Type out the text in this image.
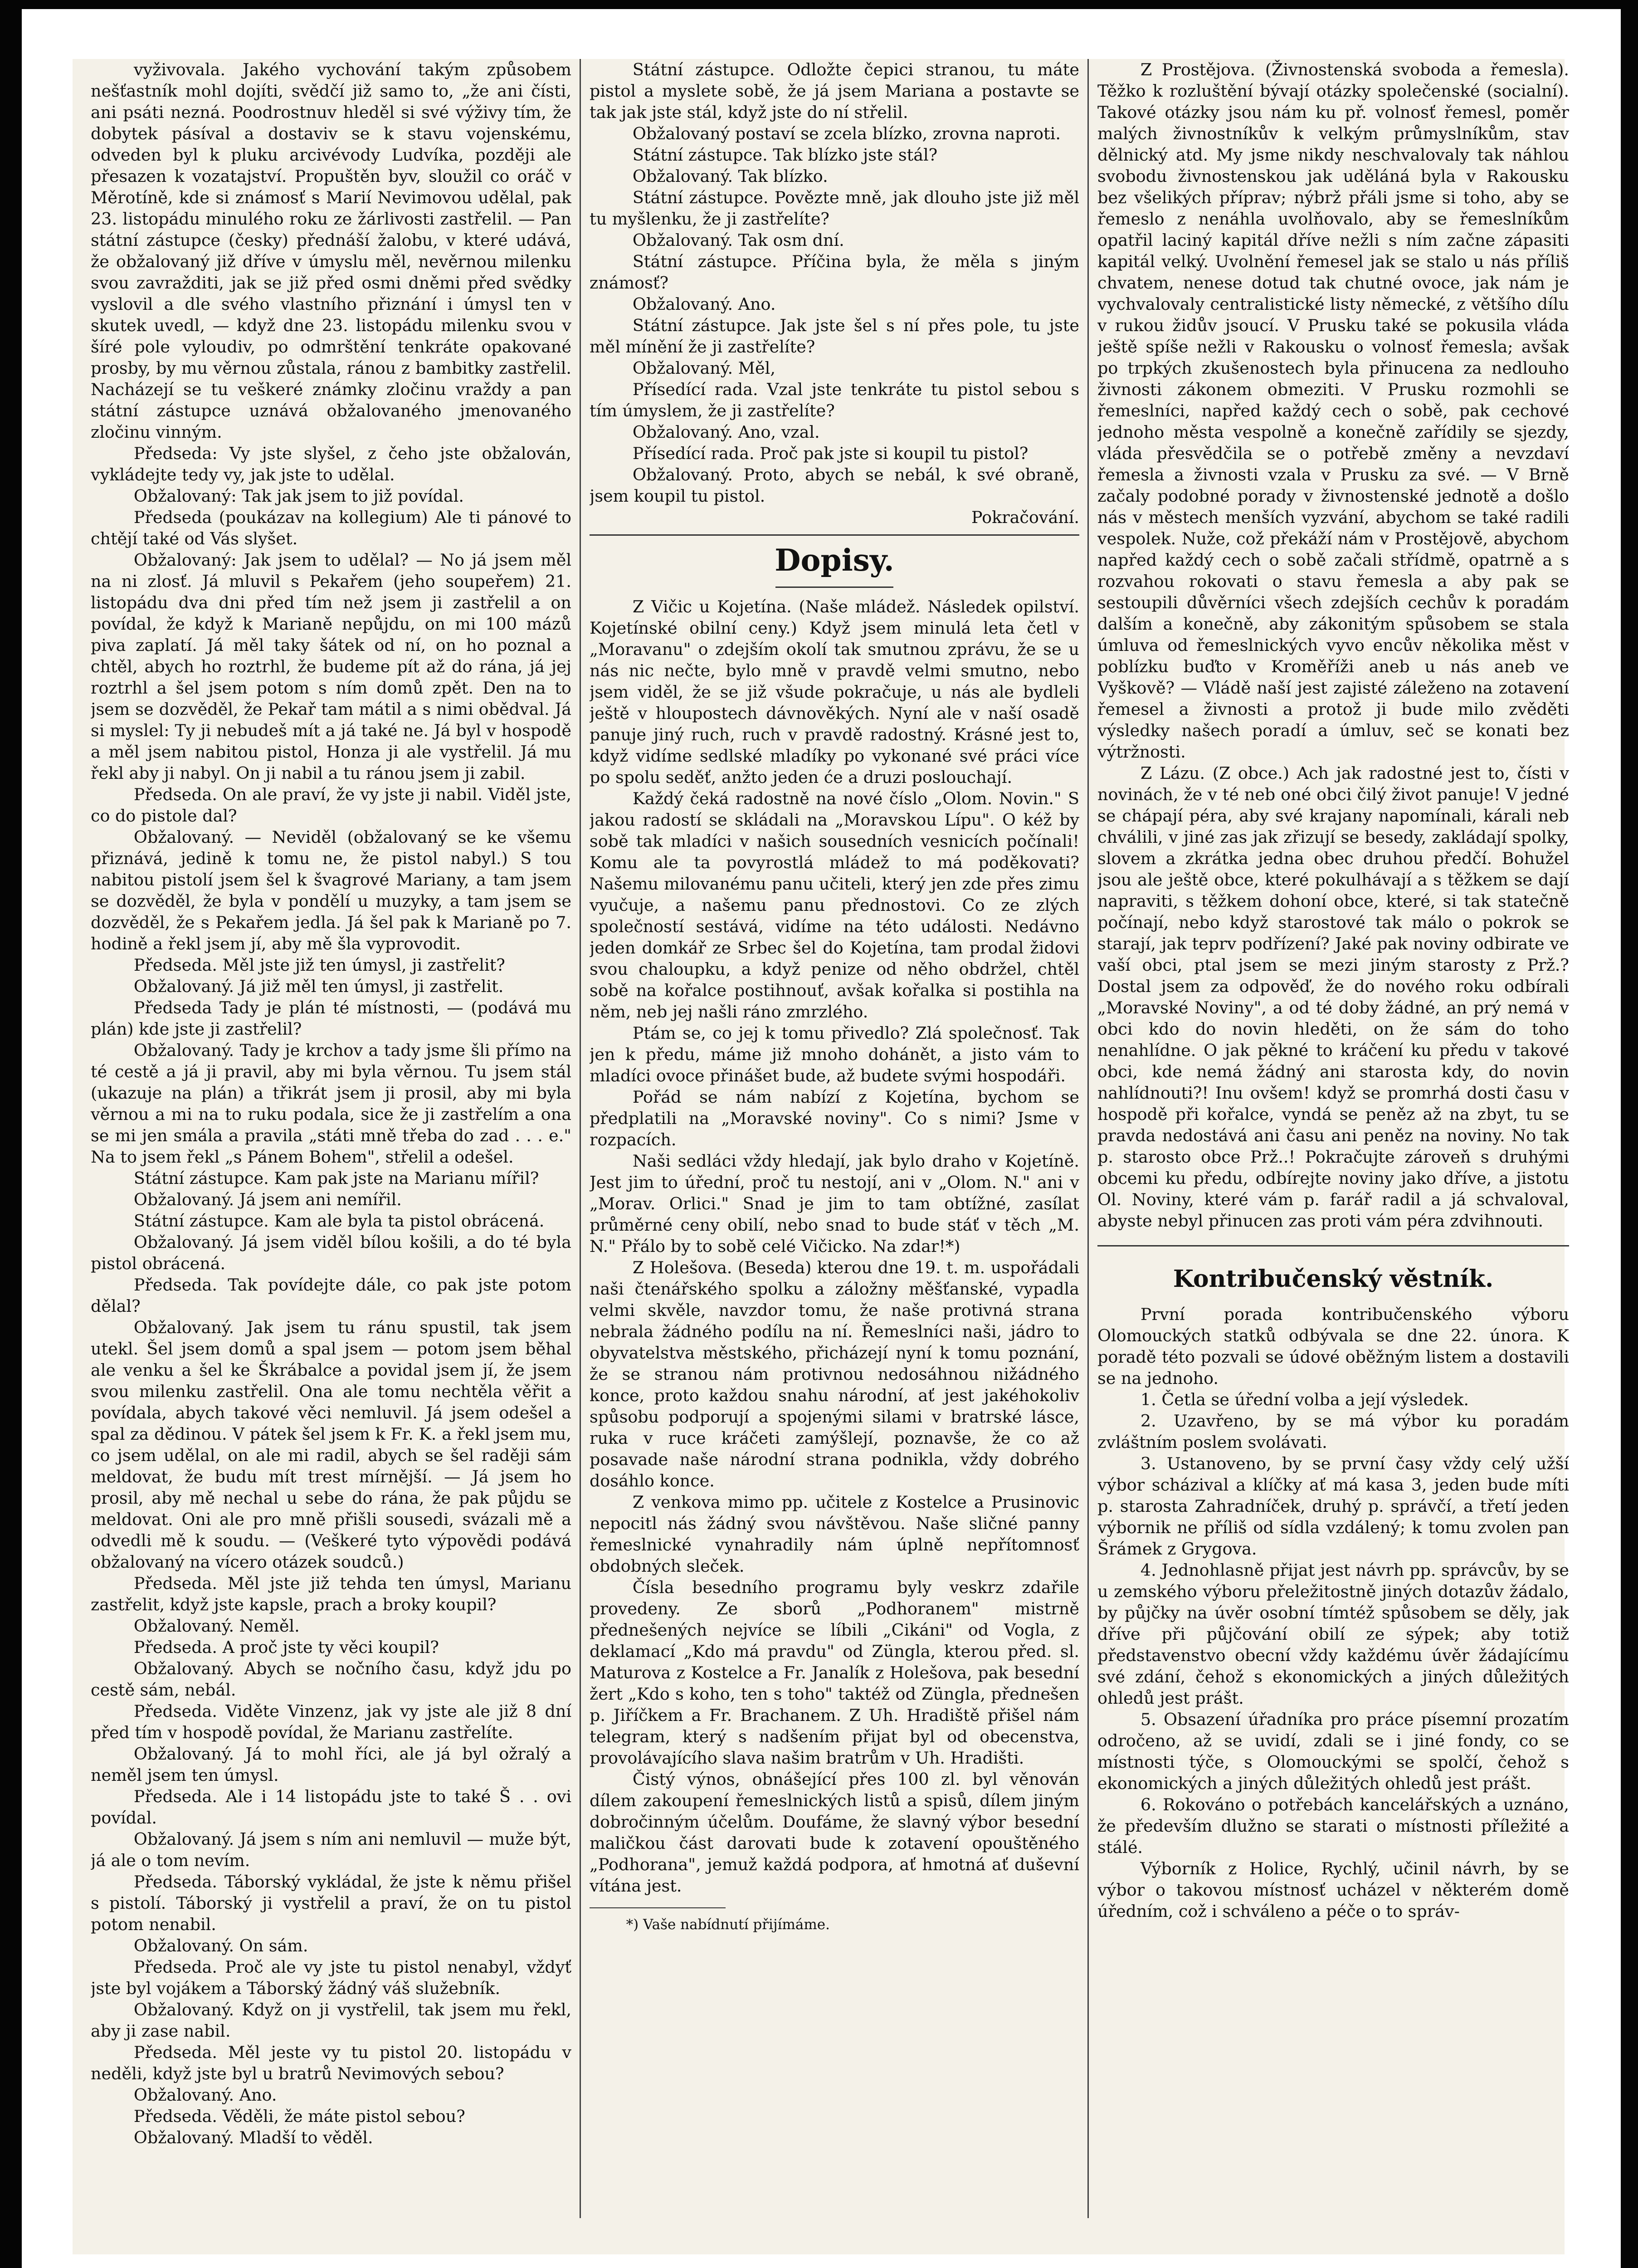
vyživovala. Jakého vychování takým způsobem nešťastník mohl dojíti, svědčí již samo to, „že ani čísti, ani psáti nezná. Poodrostnuv hleděl si své výživy tím, že dobytek pásíval a dostaviv se k stavu vojenskému, odveden byl k pluku arcivévody Ludvíka, později ale přesazen k vozatajství. Propuštěn byv, sloužil co oráč v Měrotíně, kde si známosť s Marií Nevimovou udělal, pak 23. listopádu minulého roku ze žárlivosti zastřelil. — Pan státní zástupce (česky) přednáší žalobu, v které udává, že obžalovaný již dříve v úmyslu měl, nevěrnou milenku svou zavražditi, jak se již před osmi dněmi před svědky vyslovil a dle svého vlastního přiznání i úmysl ten v skutek uvedl, — když dne 23. listopádu milenku svou v šíré pole vyloudiv, po odmrštění tenkráte opakované prosby, by mu věrnou zůstala, ránou z bambitky zastřelil. Nacházejí se tu veškeré známky zločinu vraždy a pan státní zástupce uznává obžalovaného jmenovaného zločinu vinným.

Předseda: Vy jste slyšel, z čeho jste obžalován, vykládejte tedy vy, jak jste to udělal.

Obžalovaný: Tak jak jsem to již povídal.

Předseda (poukázav na kollegium) Ale ti pánové to chtějí také od Vás slyšet.

Obžalovaný: Jak jsem to udělal? — No já jsem měl na ni zlosť. Já mluvil s Pekařem (jeho soupeřem) 21. listopádu dva dni před tím než jsem ji zastřelil a on povídal, že když k Marianě nepůjdu, on mi 100 mázů piva zaplatí. Já měl taky šátek od ní, on ho poznal a chtěl, abych ho roztrhl, že budeme pít až do rána, já jej roztrhl a šel jsem potom s ním domů zpět. Den na to jsem se dozvěděl, že Pekař tam mátil a s nimi obědval. Já si myslel: Ty ji nebudeš mít a já také ne. Já byl v hospodě a měl jsem nabitou pistol, Honza ji ale vystřelil. Já mu řekl aby ji nabyl. On ji nabil a tu ránou jsem ji zabil.

Předseda. On ale praví, že vy jste ji nabil. Viděl jste, co do pistole dal?

Obžalovaný. — Neviděl (obžalovaný se ke všemu přiznává, jedině k tomu ne, že pistol nabyl.) S tou nabitou pistolí jsem šel k švagrové Mariany, a tam jsem se dozvěděl, že byla v pondělí u muzyky, a tam jsem se dozvěděl, že s Pekařem jedla. Já šel pak k Marianě po 7. hodině a řekl jsem jí, aby mě šla vyprovodit.

Předseda. Měl jste již ten úmysl, ji zastřelit?

Obžalovaný. Já již měl ten úmysl, ji zastřelit.

Předseda Tady je plán té místnosti, — (podává mu plán) kde jste ji zastřelil?

Obžalovaný. Tady je krchov a tady jsme šli přímo na té cestě a já ji pravil, aby mi byla věrnou. Tu jsem stál (ukazuje na plán) a třikrát jsem ji prosil, aby mi byla věrnou a mi na to ruku podala, sice že ji zastřelím a ona se mi jen smála a pravila „státi mně třeba do zad . . . e." Na to jsem řekl „s Pánem Bohem", střelil a odešel.

Státní zástupce. Kam pak jste na Marianu mířil?

Obžalovaný. Já jsem ani nemířil.

Státní zástupce. Kam ale byla ta pistol obrácená.

Obžalovaný. Já jsem viděl bílou košili, a do té byla pistol obrácená.

Předseda. Tak povídejte dále, co pak jste potom dělal?

Obžalovaný. Jak jsem tu ránu spustil, tak jsem utekl. Šel jsem domů a spal jsem — potom jsem běhal ale venku a šel ke Škrábalce a povidal jsem jí, že jsem svou milenku zastřelil. Ona ale tomu nechtěla věřit a povídala, abych takové věci nemluvil. Já jsem odešel a spal za dědinou. V pátek šel jsem k Fr. K. a řekl jsem mu, co jsem udělal, on ale mi radil, abych se šel raději sám meldovat, že budu mít trest mírnější. — Já jsem ho prosil, aby mě nechal u sebe do rána, že pak půjdu se meldovat. Oni ale pro mně přišli sousedi, svázali mě a odvedli mě k soudu. — (Veškeré tyto výpovědi podává obžalovaný na vícero otázek soudců.)

Předseda. Měl jste již tehda ten úmysl, Marianu zastřelit, když jste kapsle, prach a broky koupil?

Obžalovaný. Neměl.

Předseda. A proč jste ty věci koupil?

Obžalovaný. Abych se nočního času, když jdu po cestě sám, nebál.

Předseda. Viděte Vinzenz, jak vy jste ale již 8 dní před tím v hospodě povídal, že Marianu zastřelíte.

Obžalovaný. Já to mohl říci, ale já byl ožralý a neměl jsem ten úmysl.

Předseda. Ale i 14 listopádu jste to také Š . . ovi povídal.

Obžalovaný. Já jsem s ním ani nemluvil — muže být, já ale o tom nevím.

Předseda. Táborský vykládal, že jste k němu přišel s pistolí. Táborský ji vystřelil a praví, že on tu pistol potom nenabil.

Obžalovaný. On sám.

Předseda. Proč ale vy jste tu pistol nenabyl, vždyť jste byl vojákem a Táborský žádný váš služebník.

Obžalovaný. Když on ji vystřelil, tak jsem mu řekl, aby ji zase nabil.

Předseda. Měl jeste vy tu pistol 20. listopádu v neděli, když jste byl u bratrů Nevimových sebou?

Obžalovaný. Ano.

Předseda. Věděli, že máte pistol sebou?

Obžalovaný. Mladší to věděl.

Státní zástupce. Odložte čepici stranou, tu máte pistol a myslete sobě, že já jsem Mariana a postavte se tak jak jste stál, když jste do ní střelil.

Obžalovaný postaví se zcela blízko, zrovna naproti.

Státní zástupce. Tak blízko jste stál?

Obžalovaný. Tak blízko.

Státní zástupce. Povězte mně, jak dlouho jste již měl tu myšlenku, že ji zastřelíte?

Obžalovaný. Tak osm dní.

Státní zástupce. Příčina byla, že měla s jiným známosť?

Obžalovaný. Ano.

Státní zástupce. Jak jste šel s ní přes pole, tu jste měl mínění že ji zastřelíte?

Obžalovaný. Měl,

Přísedící rada. Vzal jste tenkráte tu pistol sebou s tím úmyslem, že ji zastřelíte?

Obžalovaný. Ano, vzal.

Přísedící rada. Proč pak jste si koupil tu pistol?

Obžalovaný. Proto, abych se nebál, k své obraně, jsem koupil tu pistol.

Pokračování.

Dopisy.

Z Vičic u Kojetína. (Naše mládež. Následek opilství. Kojetínské obilní ceny.) Když jsem minulá leta četl v „Moravanu" o zdejším okolí tak smutnou zprávu, že se u nás nic nečte, bylo mně v pravdě velmi smutno, nebo jsem viděl, že se již všude pokračuje, u nás ale bydleli ještě v hloupostech dávnověkých. Nyní ale v naší osadě panuje jiný ruch, ruch v pravdě radostný. Krásné jest to, když vidíme sedlské mladíky po vykonané své práci více po spolu seděť, anžto jeden će a druzi poslouchají.

Každý čeká radostně na nové číslo „Olom. Novin." S jakou radostí se skládali na „Moravskou Lípu". O kéž by sobě tak mladíci v našich sousedních vesnicích počínali! Komu ale ta povyrostlá mládež to má poděkovati? Našemu milovanému panu učiteli, který jen zde přes zimu vyučuje, a našemu panu přednostovi. Co ze zlých společností sestává, vidíme na této události. Nedávno jeden domkář ze Srbec šel do Kojetína, tam prodal židovi svou chaloupku, a když penize od něho obdržel, chtěl sobě na kořalce postihnouť, avšak kořalka si postihla na něm, neb jej našli ráno zmrzlého.

Ptám se, co jej k tomu přivedlo? Zlá společnosť. Tak jen k předu, máme již mnoho dohánět, a jisto vám to mladíci ovoce přinášet bude, až budete svými hospodáři.

Pořád se nám nabízí z Kojetína, bychom se předplatili na „Moravské noviny". Co s nimi? Jsme v rozpacích.

Naši sedláci vždy hledají, jak bylo draho v Kojetíně. Jest jim to úřední, proč tu nestojí, ani v „Olom. N." ani v „Morav. Orlici." Snad je jim to tam obtížné, zasílat průměrné ceny obilí, nebo snad to bude stáť v těch „M. N." Přálo by to sobě celé Vičicko. Na zdar!*)

Z Holešova. (Beseda) kterou dne 19. t. m. uspořádali naši čtenářského spolku a záložny měšťanské, vypadla velmi skvěle, navzdor tomu, že naše protivná strana nebrala žádného podílu na ní. Řemeslníci naši, jádro to obyvatelstva městského, přicházejí nyní k tomu poznání, že se stranou nám protivnou nedosáhnou nižádného konce, proto každou snahu národní, ať jest jakéhokoliv spůsobu podporují a spojenými silami v bratrské lásce, ruka v ruce kráčeti zamýšlejí, poznavše, že co až posavade naše národní strana podnikla, vždy dobrého dosáhlo konce.

Z venkova mimo pp. učitele z Kostelce a Prusinovic nepocitl nás žádný svou návštěvou. Naše sličné panny řemeslnické vynahradily nám úplně nepřítomnosť obdobných sleček.

Čísla besedního programu byly veskrz zdařile provedeny. Ze sborů „Podhoranem" mistrně přednešených nejvíce se líbili „Cikáni" od Vogla, z deklamací „Kdo má pravdu" od Zünglа, kterou před. sl. Maturova z Kostelce a Fr. Janalík z Holešova, pak besední žert „Kdo s koho, ten s toho" taktéž od Zünglа, přednešen p. Jiříčkem a Fr. Brachanem. Z Uh. Hradiště přišel nám telegram, který s nadšením přijat byl od obecenstva, provolávajícího slava našim bratrům v Uh. Hradišti.

Čistý výnos, obnášející přes 100 zl. byl věnován dílem zakoupení řemeslnických listů a spisů, dílem jiným dobročinným účelům. Doufáme, že slavný výbor besední maličkou část darovati bude k zotavení opouštěného „Podhorana", jemuž každá podpora, ať hmotná ať duševní vítána jest.

*) Vaše nabídnutí přijímáme.

Z Prostějova. (Živnostenská svoboda a řemesla). Těžko k rozluštění bývají otázky společenské (socialní). Takové otázky jsou nám ku př. volnosť řemesl, poměr malých živnostníkův k velkým průmyslníkům, stav dělnický atd. My jsme nikdy neschvalovaly tak náhlou svobodu živnostenskou jak uděláná byla v Rakousku bez všelikých příprav; nýbrž přáli jsme si toho, aby se řemeslo z nenáhla uvolňovalo, aby se řemeslníkům opatřil laciný kapitál dříve nežli s ním začne zápasiti kapitál velký. Uvolnění řemesel jak se stalo u nás příliš chvatem, nenese dotud tak chutné ovoce, jak nám je vychvalovaly centralistické listy německé, z většího dílu v rukou židův jsoucí. V Prusku také se pokusila vláda ještě spíše nežli v Rakousku o volnosť řemesla; avšak po trpkých zkušenostech byla přinucena za nedlouho živnosti zákonem obmeziti. V Prusku rozmohli se řemeslníci, napřed každý cech o sobě, pak cechové jednoho města vespolně a konečně zařídily se sjezdy, vláda přesvědčila se o potřebě změny a nevzdaví řemesla a živnosti vzala v Prusku za své. — V Brně začaly podobné porady v živnostenské jednotě a došlo nás v městech menších vyzvání, abychom se také radili vespolek. Nuže, což překáží nám v Prostějově, abychom napřed každý cech o sobě začali střídmě, opatrně a s rozvahou rokovati o stavu řemesla a aby pak se sestoupili důvěrníci všech zdejších cechův k poradám dalším a konečně, aby zákonitým spůsobem se stala úmluva od řemeslnických vyvo encův několika měst v poblízku buďto v Kroměříži aneb u nás aneb ve Vyškově? — Vládě naší jest zajisté záleženo na zotavení řemesel a živnosti a protož ji bude milo zvěděti výsledky našech poradí a úmluv, seč se konati bez výtržnosti.

Z Lázu. (Z obce.) Ach jak radostné jest to, čísti v novinách, že v té neb oné obci čilý život panuje! V jedné se chápají péra, aby své krajany napomínali, kárali neb chválili, v jiné zas jak zřizují se besedy, zakládají spolky, slovem a zkrátka jedna obec druhou předčí. Bohužel jsou ale ještě obce, které pokulhávají a s těžkem se dají napraviti, s těžkem dohoní obce, které, si tak statečně počínají, nebo když starostové tak málo o pokrok se starají, jak teprv podřízení? Jaké pak noviny odbirate ve vaší obci, ptal jsem se mezi jiným starosty z Prž.? Dostal jsem za odpověď, že do nového roku odbírali „Moravské Noviny", a od té doby žádné, an prý nemá v obci kdo do novin hleděti, on že sám do toho nenahlídne. O jak pěkné to kráčení ku předu v takové obci, kde nemá žádný ani starosta kdy, do novin nahlídnouti?! Inu ovšem! když se promrhá dosti času v hospodě při kořalce, vyndá se peněz až na zbyt, tu se pravda nedostává ani času ani peněz na noviny. No tak p. starosto obce Prž..! Pokračujte zároveň s druhými obcemi ku předu, odbírejte noviny jako dříve, a jistotu Ol. Noviny, které vám p. farář radil a já schvaloval, abyste nebyl přinucen zas proti vám péra zdvihnouti.

Kontribučenský věstník.

První porada kontribučenského výboru Olomouckých statků odbývala se dne 22. února. K poradě této pozvali se údové oběžným listem a dostavili se na jednoho.

1. Četla se úřední volba a její výsledek.

2. Uzavřeno, by se má výbor ku poradám zvláštním poslem svolávati.

3. Ustanoveno, by se první časy vždy celý užší výbor scházival a klíčky ať má kasa 3, jeden bude míti p. starosta Zahradníček, druhý p. správčí, a třetí jeden výbornik ne příliš od sídla vzdálený; k tomu zvolen pan Šrámek z Grygova.

4. Jednohlasně přijat jest návrh pp. správcův, by se u zemského výboru přeležitostně jiných dotazův žádalo, by půjčky na úvěr osobní tímtéž spůsobem se děly, jak dříve při půjčování obilí ze sýpek; aby totiž představenstvo obecní vždy každému úvěr žádajícímu své zdání, čehož s ekonomických a jiných důležitých ohledů jest prášt.

5. Obsazení úřadníka pro práce písemní prozatím odročeno, až se uvidí, zdali se i jiné fondy, co se místnosti týče, s Olomouckými se spolčí, čehož s ekonomických a jiných důležitých ohledů jest prášt.

6. Rokováno o potřebách kancelářských a uznáno, že především dlužno se starati o místnosti příležité a stálé.

Výborník z Holice, Rychlý, učinil návrh, by se výbor o takovou místnosť ucházel v některém domě úředním, což i schváleno a péče o to správ-
